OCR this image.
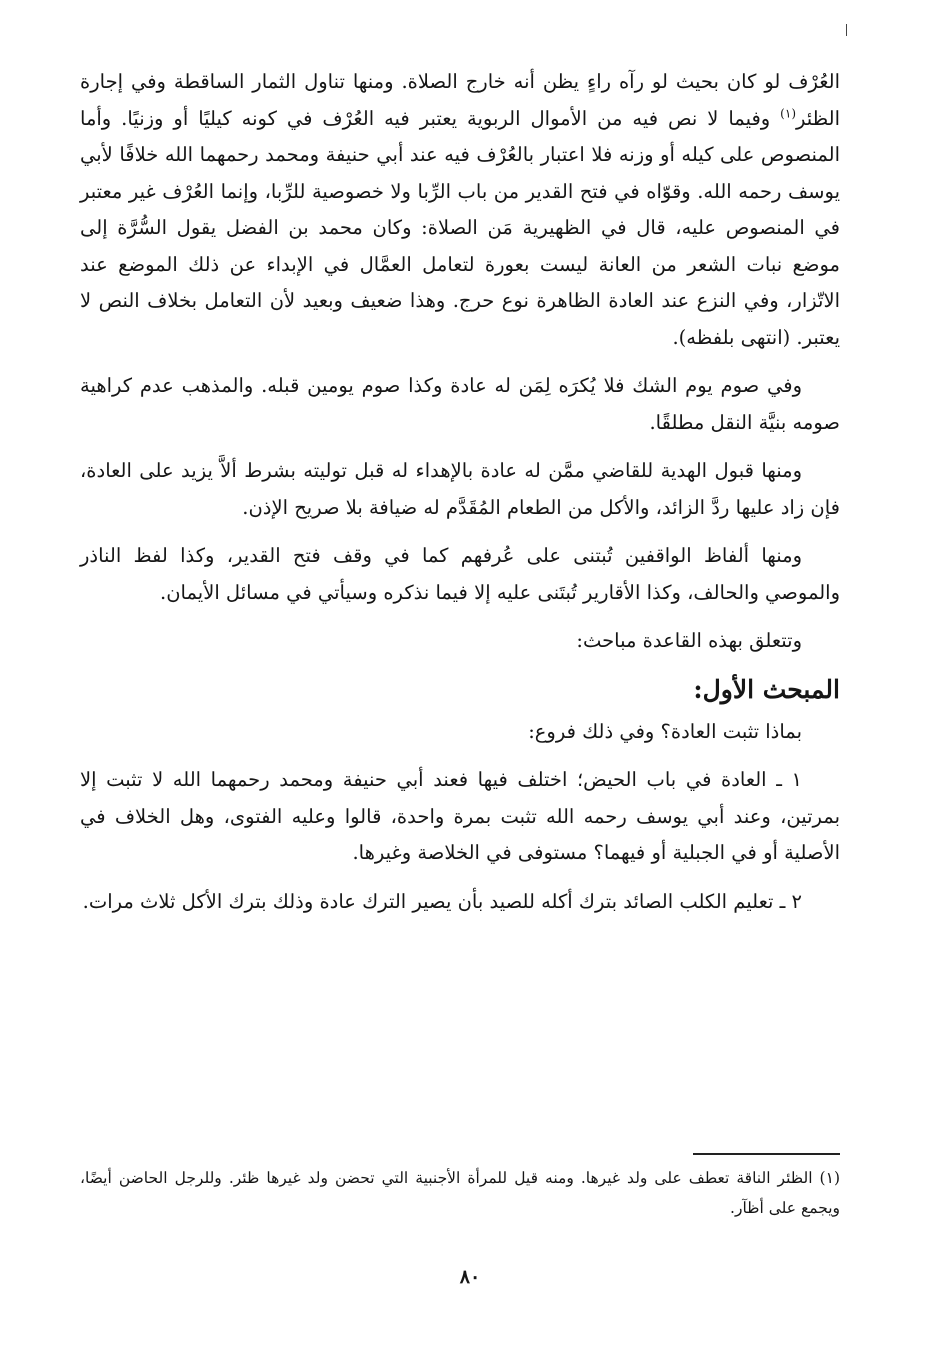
العُرْف لو كان بحيث لو رآه راءٍ يظن أنه خارج الصلاة. ومنها تناول الثمار الساقطة وفي إجارة الظئر$^{(١)}$ وفيما لا نص فيه من الأموال الربوية يعتبر فيه العُرْف في كونه كيليًا أو وزنيًا. وأما المنصوص على كيله أو وزنه فلا اعتبار بالعُرْف فيه عند أبي حنيفة ومحمد رحمهما الله خلافًا لأبي يوسف رحمه الله. وقوّاه في فتح القدير من باب الرِّبا ولا خصوصية للرِّبا، وإنما العُرْف غير معتبر في المنصوص عليه، قال في الظهيرية مَن الصلاة: وكان محمد بن الفضل يقول السُّرَّة إلى موضع نبات الشعر من العانة ليست بعورة لتعامل العمَّال في الإبداء عن ذلك الموضع عند الاتّزار، وفي النزع عند العادة الظاهرة نوع حرج. وهذا ضعيف وبعيد لأن التعامل بخلاف النص لا يعتبر. (انتهى بلفظه).

وفي صوم يوم الشك فلا يُكرَه لِمَن له عادة وكذا صوم يومين قبله. والمذهب عدم كراهية صومه بنيَّة النقل مطلقًا.

ومنها قبول الهدية للقاضي ممَّن له عادة بالإهداء له قبل توليته بشرط ألاَّ يزيد على العادة، فإن زاد عليها ردَّ الزائد، والأكل من الطعام المُقَدَّم له ضيافة بلا صريح الإذن.

ومنها ألفاظ الواقفين تُبتنى على عُرفهم كما في وقف فتح القدير، وكذا لفظ الناذر والموصي والحالف، وكذا الأقارير تُبتَنى عليه إلا فيما نذكره وسيأتي في مسائل الأيمان.

وتتعلق بهذه القاعدة مباحث:

المبحث الأول:

بماذا تثبت العادة؟ وفي ذلك فروع:

١ ـ العادة في باب الحيض؛ اختلف فيها فعند أبي حنيفة ومحمد رحمهما الله لا تثبت إلا بمرتين، وعند أبي يوسف رحمه الله تثبت بمرة واحدة، قالوا وعليه الفتوى، وهل الخلاف في الأصلية أو في الجبلية أو فيهما؟ مستوفى في الخلاصة وغيرها.

٢ ـ تعليم الكلب الصائد بترك أكله للصيد بأن يصير الترك عادة وذلك بترك الأكل ثلاث مرات.

(١) الظئر الناقة تعطف على ولد غيرها. ومنه قيل للمرأة الأجنبية التي تحضن ولد غيرها ظئر. وللرجل الحاضن أيضًا، ويجمع على أظآر.
٨٠
